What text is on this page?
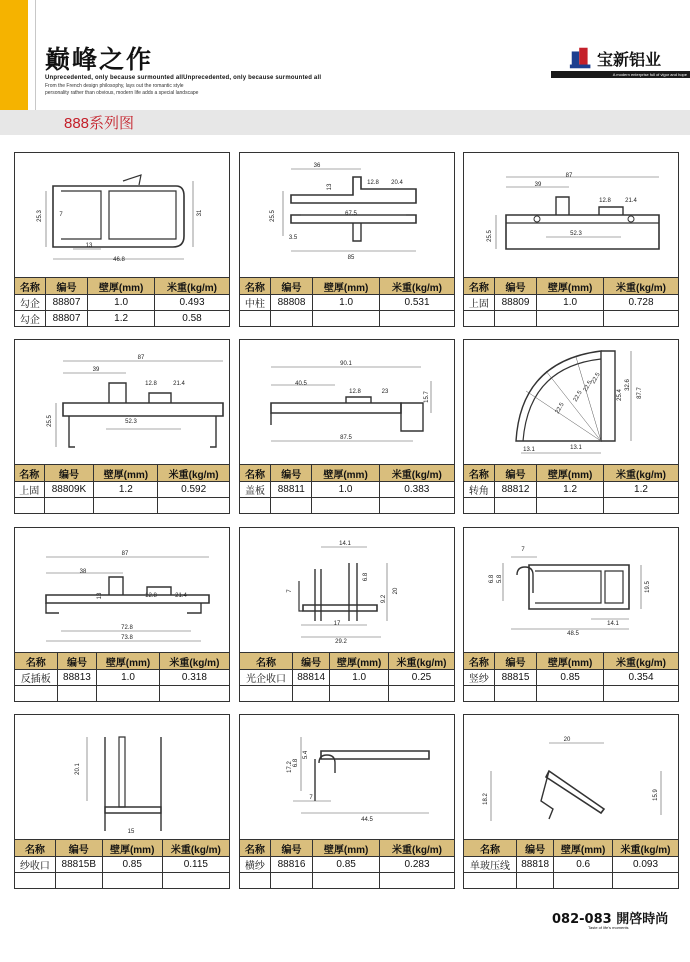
巅峰之作
Unprecedented, only because surmounted allUnprecedented, only because surmounted all
From the French design philosophy, lays out the romantic style
personality rather than obvious, modern life adds a special landscape
宝新铝业
A modern enterprise full of vigor and hope
888系列图
25.3	31
7
13
46.8
名称	编号	壁厚(mm)	米重(kg/m)
勾企	88807	1.0	0.493
勾企	88807	1.2	0.58
36
12.8 20.4
13
25.5	67.5
3.5
85
名称	编号	壁厚(mm)	米重(kg/m)
中柱	88808	1.0	0.531

87
39
12.8 21.4
25.5	52.3
名称	编号	壁厚(mm)	米重(kg/m)
上固	88809	1.0	0.728

87
39
12.8	21.4
25.5	52.3
名称	编号	壁厚(mm)	米重(kg/m)
上固	88809K	1.2	0.592

90.1
40.5
12.8	23	15.7
87.5
名称	编号	壁厚(mm)	米重(kg/m)
盖板	88811	1.0	0.383

22.5
22.5
22.5
22.5
13.1	13.1
87.7
32.6
25.4
名称	编号	壁厚(mm)	米重(kg/m)
转角	88812	1.2	1.2

87
38
13	12.8	21.4
72.8
73.8
名称	编号	壁厚(mm)	米重(kg/m)
反插板	88813	1.0	0.318

14.1
7
6.8
20
9.2
17
29.2
名称	编号	壁厚(mm)	米重(kg/m)
光企收口	88814	1.0	0.25

7
6.8 5.8
19.5
14.1
48.5
名称	编号	壁厚(mm)	米重(kg/m)
竖纱	88815	0.85	0.354

20.1
15
名称	编号	壁厚(mm)	米重(kg/m)
纱收口	88815B	0.85	0.115

17.2 6.8
5.4
7
44.5
名称	编号	壁厚(mm)	米重(kg/m)
横纱	88816	0.85	0.283

20
18.2	15.9
名称	编号	壁厚(mm)	米重(kg/m)
单玻压线	88818	0.6	0.093

082-083 開啓時尚
Taste of life's moments
